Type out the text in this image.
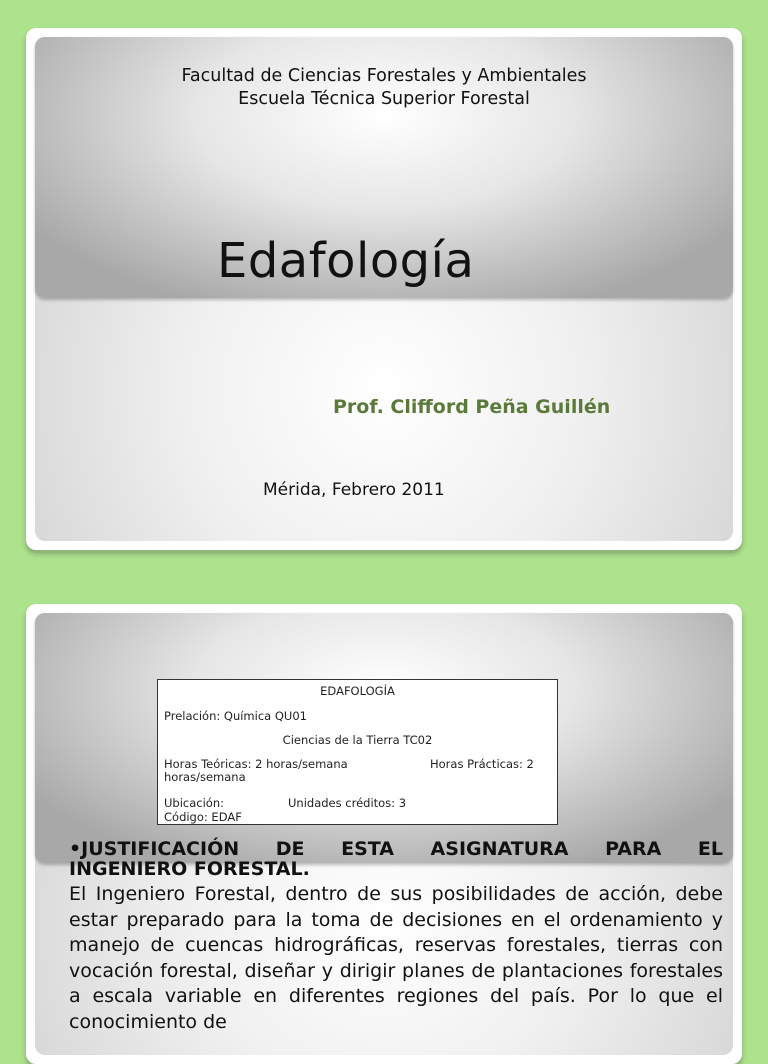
Facultad de Ciencias Forestales y Ambientales
Escuela Técnica Superior Forestal
Edafología
Prof. Clifford Peña Guillén
Mérida, Febrero 2011
EDAFOLOGÍA
Prelación: Química QU01
Ciencias de la Tierra TC02
Horas Teóricas: 2 horas/semana
horas/semana
Horas Prácticas: 2
Ubicación:	Unidades créditos: 3
Código: EDAF
•JUSTIFICACIÓN DE ESTA ASIGNATURA PARA EL
INGENIERO FORESTAL.
El Ingeniero Forestal, dentro de sus posibilidades de acción, debe estar preparado para la toma de decisiones en el ordenamiento y manejo de cuencas hidrográficas, reservas forestales, tierras con vocación forestal, diseñar y dirigir planes de plantaciones forestales a escala variable en diferentes regiones del país. Por lo que el conocimiento de
